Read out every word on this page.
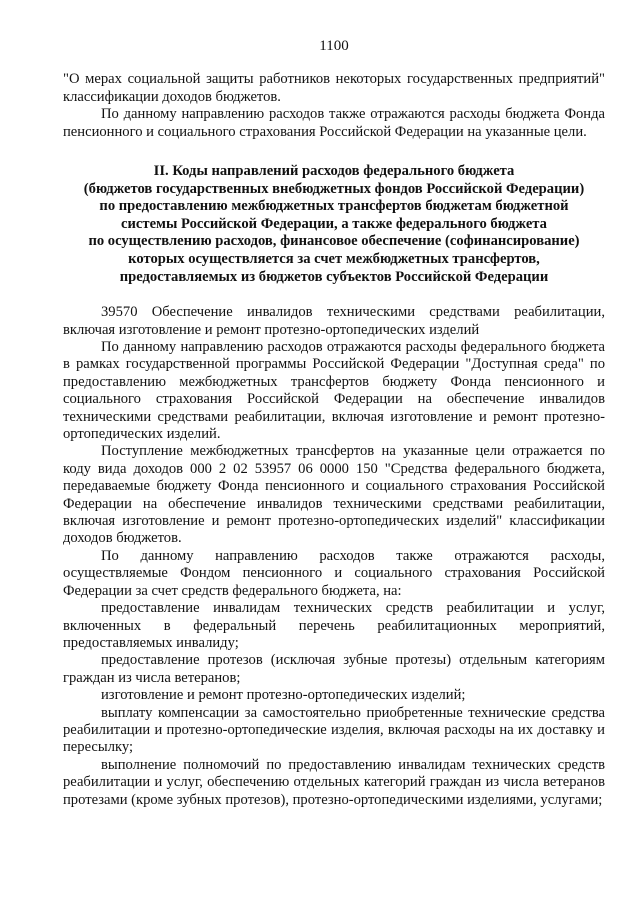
1100

"О мерах социальной защиты работников некоторых государственных предприятий" классификации доходов бюджетов.

По данному направлению расходов также отражаются расходы бюджета Фонда пенсионного и социального страхования Российской Федерации на указанные цели.

II. Коды направлений расходов федерального бюджета
(бюджетов государственных внебюджетных фондов Российской Федерации)
по предоставлению межбюджетных трансфертов бюджетам бюджетной
системы Российской Федерации, а также федерального бюджета
по осуществлению расходов, финансовое обеспечение (софинансирование)
которых осуществляется за счет межбюджетных трансфертов,
предоставляемых из бюджетов субъектов Российской Федерации

39570 Обеспечение инвалидов техническими средствами реабилитации, включая изготовление и ремонт протезно-ортопедических изделий

По данному направлению расходов отражаются расходы федерального бюджета в рамках государственной программы Российской Федерации "Доступная среда" по предоставлению межбюджетных трансфертов бюджету Фонда пенсионного и социального страхования Российской Федерации на обеспечение инвалидов техническими средствами реабилитации, включая изготовление и ремонт протезно-ортопедических изделий.

Поступление межбюджетных трансфертов на указанные цели отражается по коду вида доходов 000 2 02 53957 06 0000 150 "Средства федерального бюджета, передаваемые бюджету Фонда пенсионного и социального страхования Российской Федерации на обеспечение инвалидов техническими средствами реабилитации, включая изготовление и ремонт протезно-ортопедических изделий" классификации доходов бюджетов.

По данному направлению расходов также отражаются расходы, осуществляемые Фондом пенсионного и социального страхования Российской Федерации за счет средств федерального бюджета, на:

предоставление инвалидам технических средств реабилитации и услуг, включенных в федеральный перечень реабилитационных мероприятий, предоставляемых инвалиду;

предоставление протезов (исключая зубные протезы) отдельным категориям граждан из числа ветеранов;

изготовление и ремонт протезно-ортопедических изделий;

выплату компенсации за самостоятельно приобретенные технические средства реабилитации и протезно-ортопедические изделия, включая расходы на их доставку и пересылку;

выполнение полномочий по предоставлению инвалидам технических средств реабилитации и услуг, обеспечению отдельных категорий граждан из числа ветеранов протезами (кроме зубных протезов), протезно-ортопедическими изделиями, услугами;
